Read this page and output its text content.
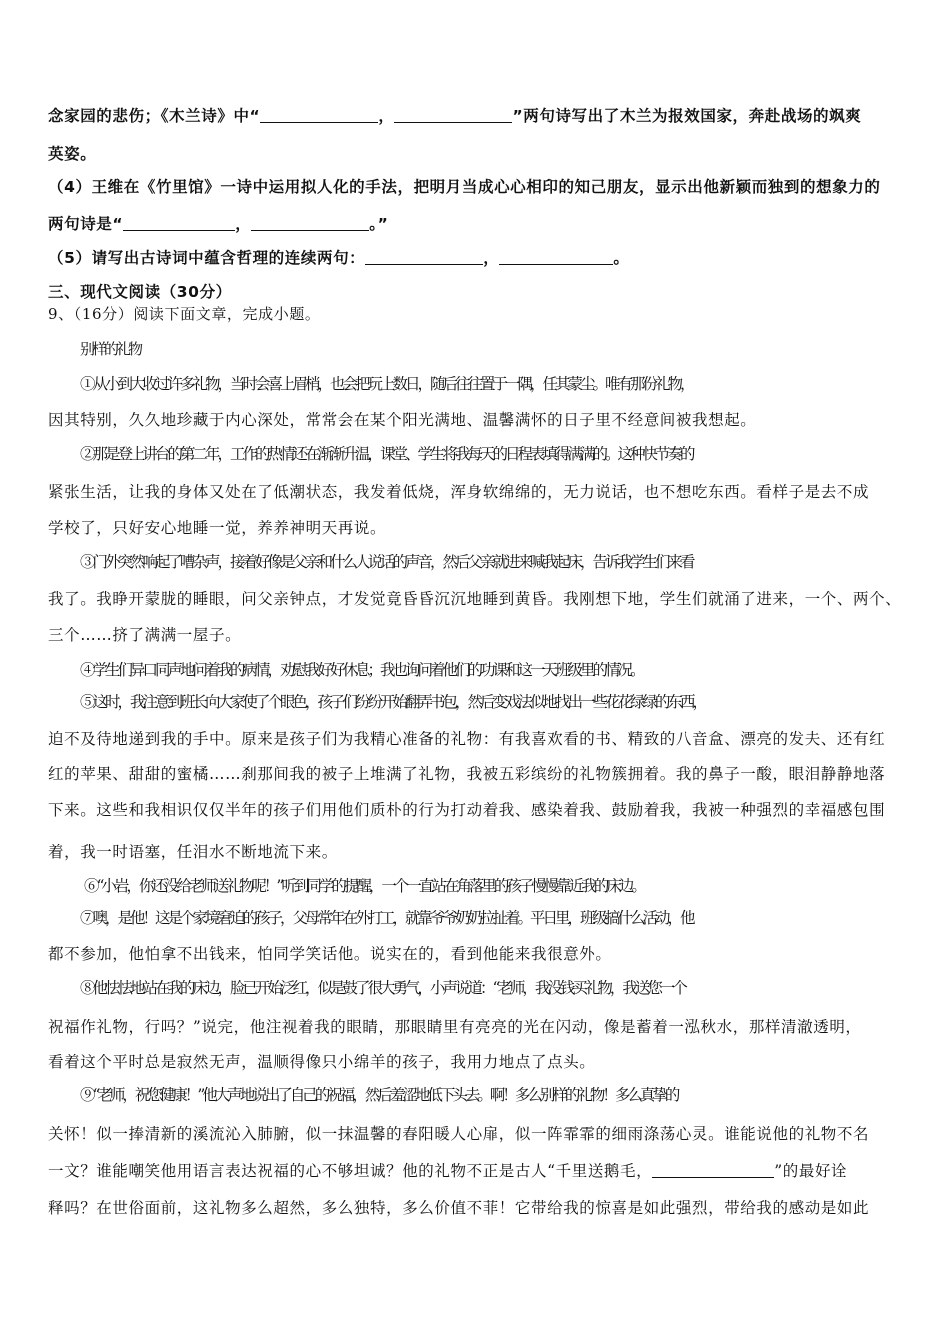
念家园的悲伤；《木兰诗》中“	，	”两句诗写出了木兰为报效国家，奔赴战场的飒爽
英姿。
（4）王维在《竹里馆》一诗中运用拟人化的手法，把明月当成心心相印的知己朋友，显示出他新颖而独到的想象力的
两句诗是“	，	。”
（5）请写出古诗词中蕴含哲理的连续两句：	，	。
三、现代文阅读（30分）
9、（16分）阅读下面文章，完成小题。
别样的礼物
①从小到大收过许多礼物，当时会喜上眉梢，也会把玩上数日，随后往往置于一隅，任其蒙尘。唯有那份礼物，
因其特别，久久地珍藏于内心深处，常常会在某个阳光满地、温馨满怀的日子里不经意间被我想起。
②那是登上讲台的第二年，工作的热情还在渐渐升温，课堂、学生将我每天的日程表填得满满的。这种快节奏的
紧张生活，让我的身体又处在了低潮状态，我发着低烧，浑身软绵绵的，无力说话，也不想吃东西。看样子是去不成
学校了，只好安心地睡一觉，养养神明天再说。
③门外突然响起了嘈杂声，接着好像是父亲和什么人说话的声音，然后父亲就进来喊我起床，告诉我学生们来看
我了。我睁开蒙胧的睡眼，问父亲钟点，才发觉竟昏昏沉沉地睡到黄昏。我刚想下地，学生们就涌了进来，一个、两个、
三个……挤了满满一屋子。
④学生们异口同声地问着我的病情，劝慰我好好休息；我也询问着他们的功课和这一天班级里的情况。
⑤这时，我注意到班长向大家使了个眼色，孩子们纷纷开始翻弄书包，然后变戏法似地找出一些花花绿绿的东西，
迫不及待地递到我的手中。原来是孩子们为我精心准备的礼物：有我喜欢看的书、精致的八音盒、漂亮的发夫、还有红
红的苹果、甜甜的蜜橘……刹那间我的被子上堆满了礼物，我被五彩缤纷的礼物簇拥着。我的鼻子一酸，眼泪静静地落
下来。这些和我相识仅仅半年的孩子们用他们质朴的行为打动着我、感染着我、鼓励着我，我被一种强烈的幸福感包围
着，我一时语塞，任泪水不断地流下来。
⑥“小岩，你还没给老师送礼物呢！”听到同学的提醒，一个一直站在角落里的孩子慢慢靠近我的床边。
⑦噢，是他！这是个家境窘迫的孩子，父母常年在外打工，就靠爷爷奶奶拉扯着。平日里，班级搞什么活动，他
都不参加，他怕拿不出钱来，怕同学笑话他。说实在的，看到他能来我很意外。
⑧他怯怯地站在我的床边，脸已开始泛红，似是鼓了很大勇气，小声说道：“老师，我没钱买礼物，我送您一个
祝福作礼物，行吗？”说完，他注视着我的眼睛，那眼睛里有亮亮的光在闪动，像是蓄着一泓秋水，那样清澈透明，
看着这个平时总是寂然无声，温顺得像只小绵羊的孩子，我用力地点了点头。
⑨“老师，祝您健康！”他大声地说出了自己的祝福，然后羞涩地低下头去。啊！多么别样的礼物！多么真挚的
关怀！似一捧清新的溪流沁入肺腑，似一抹温馨的春阳暖人心扉，似一阵霏霏的细雨涤荡心灵。谁能说他的礼物不名
一文？谁能嘲笑他用语言表达祝福的心不够坦诚？他的礼物不正是古人“千里送鹅毛，	”的最好诠
释吗？在世俗面前，这礼物多么超然，多么独特，多么价值不菲！它带给我的惊喜是如此强烈，带给我的感动是如此
